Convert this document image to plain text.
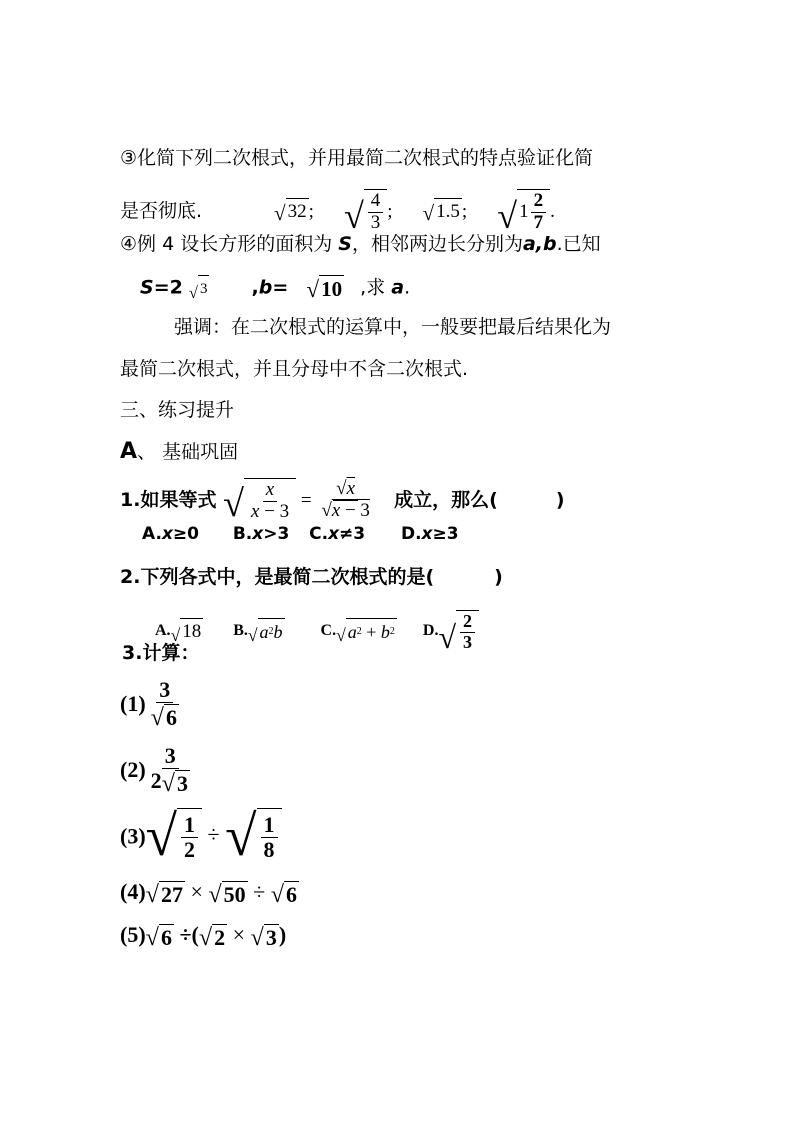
③化简下列二次根式，并用最简二次根式的特点验证化简
是否彻底.	√ 32 ; √ $\frac{4}{3}$ ; √ 1.5 ; √ $1 \frac{2}{7}$ .
④例 4 设长方形的面积为 S，相邻两边长分别为a,b.已知
S=2 √ 3 ,b= √ 10 ,求 a.
强调：在二次根式的运算中，一般要把最后结果化为
最简二次根式，并且分母中不含二次根式.
三、练习提升
A、 基础巩固
1.如果等式 √ $\frac{x}{x - 3} = \frac{√x}{√x - 3}$ 成立，那么(	)
A.x≥0 B.x>3 C.x≠3 D.x≥3
2.下列各式中，是最简二次根式的是(	)
A. √ 18 B. √ a 2 b C. √ a 2 + b 2 D. √ $\frac{2}{3}$
3.计算：
$(1) \frac{3}{√ 6}$
$(2) \frac{3}{2 √ 3}$
(3) √ $\frac{1}{2}$ ÷ √ $\frac{1}{8}$
(4) √ 27 × √ 50 ÷ √ 6
(5) √ 6 ÷( √ 2 × √ 3 )
